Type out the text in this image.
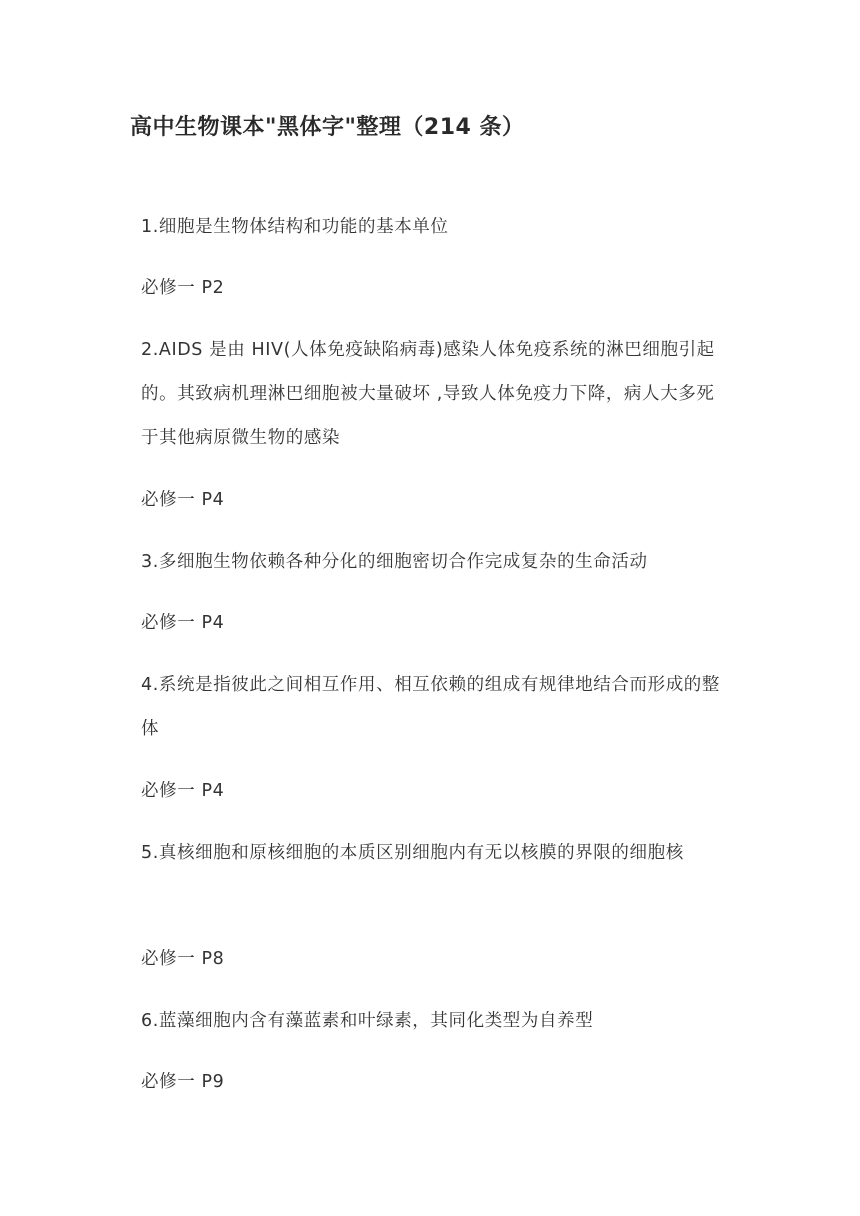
高中生物课本"黑体字"整理（214 条）
1.细胞是生物体结构和功能的基本单位
必修一 P2
2.AIDS 是由 HIV(人体免疫缺陷病毒)感染人体免疫系统的淋巴细胞引起的。其致病机理淋巴细胞被大量破坏 ,导致人体免疫力下降，病人大多死于其他病原微生物的感染
必修一 P4
3.多细胞生物依赖各种分化的细胞密切合作完成复杂的生命活动
必修一 P4
4.系统是指彼此之间相互作用、相互依赖的组成有规律地结合而形成的整体
必修一 P4
5.真核细胞和原核细胞的本质区别细胞内有无以核膜的界限的细胞核
必修一 P8
6.蓝藻细胞内含有藻蓝素和叶绿素，其同化类型为自养型
必修一 P9
